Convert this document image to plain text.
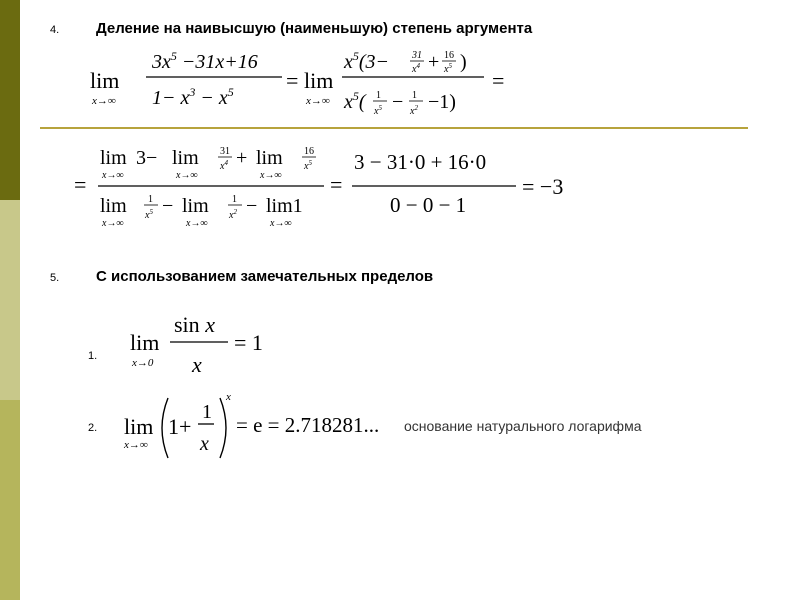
4. Деление на наивысшую (наименьшую) степень аргумента
lim
x→∞
$3x^5 -31x+16$
$1- x^3 - x^5 = \lim$
x→∞
$x^5(3- 31$
$x^4 + 16$
$x^5$ )
$x^5$( 1
$x^5 - 1$
$x^2 -1$)
=
=
lim
x→∞
3− lim
x→∞
31
$x^4 + \lim$
x→∞
16
$x^5$
lim
x→∞
1
$x^5 - \lim$
x→∞
1
$x^2 - \lim 1$
x→∞
=
3 − 31·0 + 16·0
0 − 0 − 1
= −3
5. С использованием замечательных пределов
1.
lim
x→0
sin x
x
= 1
2. lim
x→∞
1+
1
x
x
= e = 2.718281... основание натурального логарифма
